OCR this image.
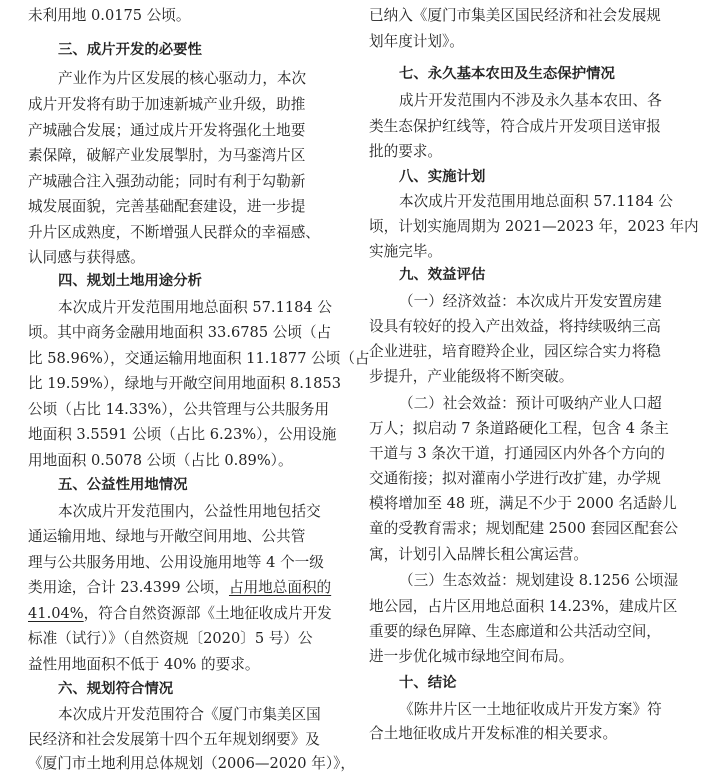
未利用地 0.0175 公顷。
三、成片开发的必要性
产业作为片区发展的核心驱动力，本次
成片开发将有助于加速新城产业升级，助推
产城融合发展；通过成片开发将强化土地要
素保障，破解产业发展掣肘，为马銮湾片区
产城融合注入强劲动能；同时有利于勾勒新
城发展面貌，完善基础配套建设，进一步提
升片区成熟度，不断增强人民群众的幸福感、
认同感与获得感。
四、规划土地用途分析
本次成片开发范围用地总面积 57.1184 公
顷。其中商务金融用地面积 33.6785 公顷（占
比 58.96%），交通运输用地面积 11.1877 公顷（占
比 19.59%），绿地与开敞空间用地面积 8.1853
公顷（占比 14.33%），公共管理与公共服务用
地面积 3.5591 公顷（占比 6.23%），公用设施
用地面积 0.5078 公顷（占比 0.89%）。
五、公益性用地情况
本次成片开发范围内，公益性用地包括交
通运输用地、绿地与开敞空间用地、公共管
理与公共服务用地、公用设施用地等 4 个一级
类用途，合计 23.4399 公顷，占用地总面积的
41.04%，符合自然资源部《土地征收成片开发
标准（试行）》（自然资规〔2020〕5 号）公
益性用地面积不低于 40% 的要求。
六、规划符合情况
本次成片开发范围符合《厦门市集美区国
民经济和社会发展第十四个五年规划纲要》及
《厦门市土地利用总体规划（2006—2020 年）》，
已纳入《厦门市集美区国民经济和社会发展规
划年度计划》。
七、永久基本农田及生态保护情况
成片开发范围内不涉及永久基本农田、各
类生态保护红线等，符合成片开发项目送审报
批的要求。
八、实施计划
本次成片开发范围用地总面积 57.1184 公
顷，计划实施周期为 2021—2023 年，2023 年内
实施完毕。
九、效益评估
（一）经济效益：本次成片开发安置房建
设具有较好的投入产出效益，将持续吸纳三高
企业进驻，培育瞪羚企业，园区综合实力将稳
步提升，产业能级将不断突破。
（二）社会效益：预计可吸纳产业人口超
万人；拟启动 7 条道路硬化工程，包含 4 条主
干道与 3 条次干道，打通园区内外各个方向的
交通衔接；拟对灌南小学进行改扩建，办学规
模将增加至 48 班，满足不少于 2000 名适龄儿
童的受教育需求；规划配建 2500 套园区配套公
寓，计划引入品牌长租公寓运营。
（三）生态效益：规划建设 8.1256 公顷湿
地公园，占片区用地总面积 14.23%，建成片区
重要的绿色屏障、生态廊道和公共活动空间，
进一步优化城市绿地空间布局。
十、结论
《陈井片区一土地征收成片开发方案》符
合土地征收成片开发标准的相关要求。
